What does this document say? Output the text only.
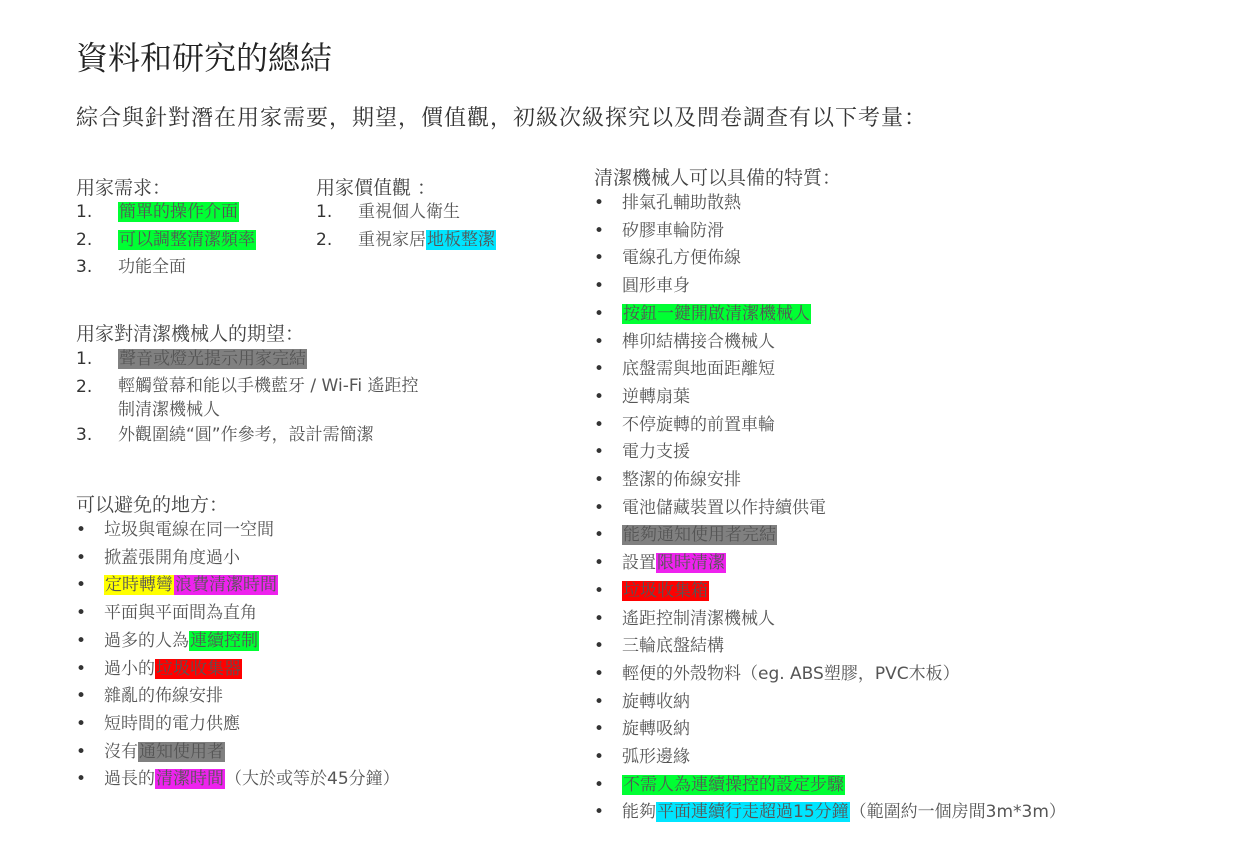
資料和研究的總結
綜合與針對潛在用家需要，期望，價值觀，初級次級探究以及問卷調查有以下考量：
用家需求：
1. 簡單的操作介面
2. 可以調整清潔頻率
3. 功能全面
用家價值觀 ：
1. 重視個人衛生
2. 重視家居地板整潔
用家對清潔機械人的期望：
1. 聲音或燈光提示用家完結
2. 輕觸螢幕和能以手機藍牙 / Wi-Fi 遙距控
制清潔機械人
3. 外觀圍繞“圓”作參考，設計需簡潔
可以避免的地方：
• 垃圾與電線在同一空間
• 掀蓋張開角度過小
• 定時轉彎 浪費清潔時間
• 平面與平面間為直角
• 過多的人為連續控制
• 過小的垃圾收集器
• 雜亂的佈線安排
• 短時間的電力供應
• 沒有通知使用者
• 過長的清潔時間（大於或等於45分鐘）
清潔機械人可以具備的特質：
• 排氣孔輔助散熱
• 矽膠車輪防滑
• 電線孔方便佈線
• 圓形車身
• 按鈕一鍵開啟清潔機械人
• 榫卯結構接合機械人
• 底盤需與地面距離短
• 逆轉扇葉
• 不停旋轉的前置車輪
• 電力支援
• 整潔的佈線安排
• 電池儲藏裝置以作持續供電
• 能夠通知使用者完結
• 設置限時清潔
• 垃圾收集箱
• 遙距控制清潔機械人
• 三輪底盤結構
• 輕便的外殼物料（eg. ABS塑膠，PVC木板）
• 旋轉收納
• 旋轉吸納
• 弧形邊緣
• 不需人為連續操控的設定步驟
• 能夠平面連續行走超過15分鐘（範圍約一個房間3m*3m）
